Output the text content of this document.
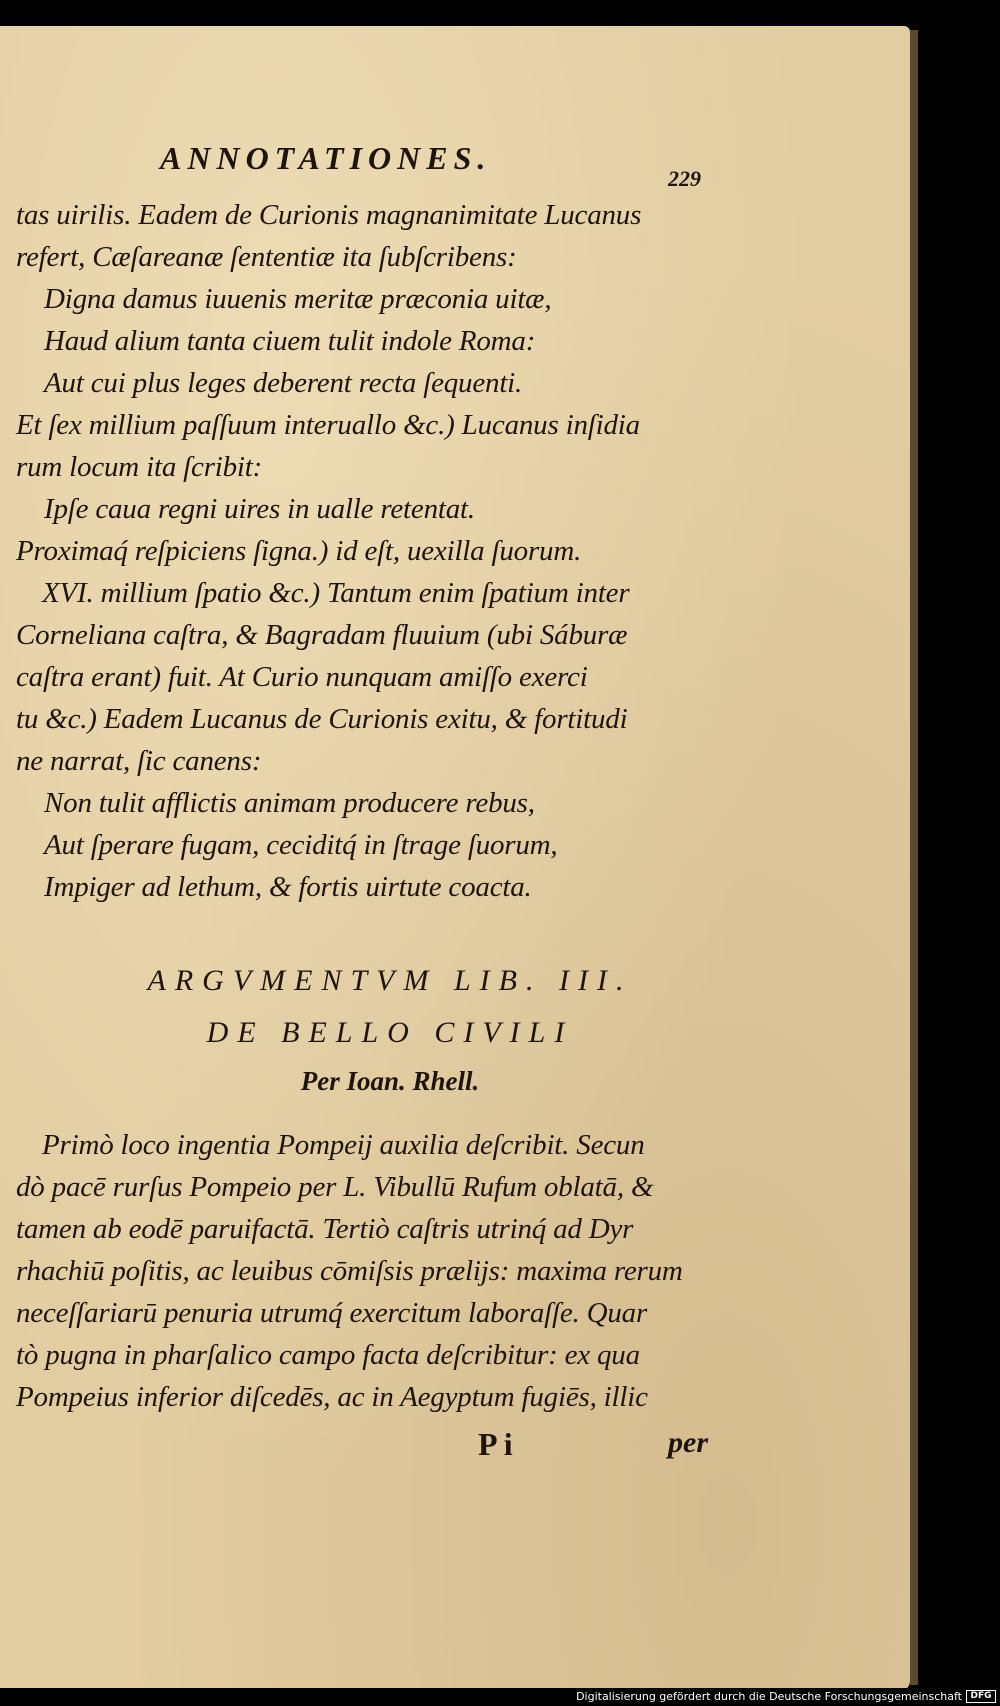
ANNOTATIONES.
229
tas uirilis. Eadem de Curionis magnanimitate Lucanus
refert, Cæſareanæ ſententiæ ita ſubſcribens:
Digna damus iuuenis meritæ præconia uitæ,
Haud alium tanta ciuem tulit indole Roma:
Aut cui plus leges deberent recta ſequenti.
Et ſex millium paſſuum interuallo &c.) Lucanus inſidia
rum locum ita ſcribit:
Ipſe caua regni uires in ualle retentat.
Proximaq́ reſpiciens ſigna.) id eſt, uexilla ſuorum.
XVI. millium ſpatio &c.) Tantum enim ſpatium inter
Corneliana caſtra, & Bagradam fluuium (ubi Sáburæ
caſtra erant) fuit. At Curio nunquam amiſſo exerci
tu &c.) Eadem Lucanus de Curionis exitu, & fortitudi
ne narrat, ſic canens:
Non tulit afflictis animam producere rebus,
Aut ſperare fugam, ceciditq́ in ſtrage ſuorum,
Impiger ad lethum, & fortis uirtute coacta.
ARGVMENTVM LIB. III.
DE BELLO CIVILI
Per Ioan. Rhell.
Primò loco ingentia Pompeij auxilia deſcribit. Secun
dò pacē rurſus Pompeio per L. Vibullū Rufum oblatā, &
tamen ab eodē paruifactā. Tertiò caſtris utrinq́ ad Dyr
rhachiū poſitis, ac leuibus cōmiſsis prælijs: maxima rerum
neceſſariarū penuria utrumq́ exercitum laboraſſe. Quar
tò pugna in pharſalico campo facta deſcribitur: ex qua
Pompeius inferior diſcedēs, ac in Aegyptum fugiēs, illic
P i	per
Digitalisierung gefördert durch die Deutsche Forschungsgemeinschaft DFG
